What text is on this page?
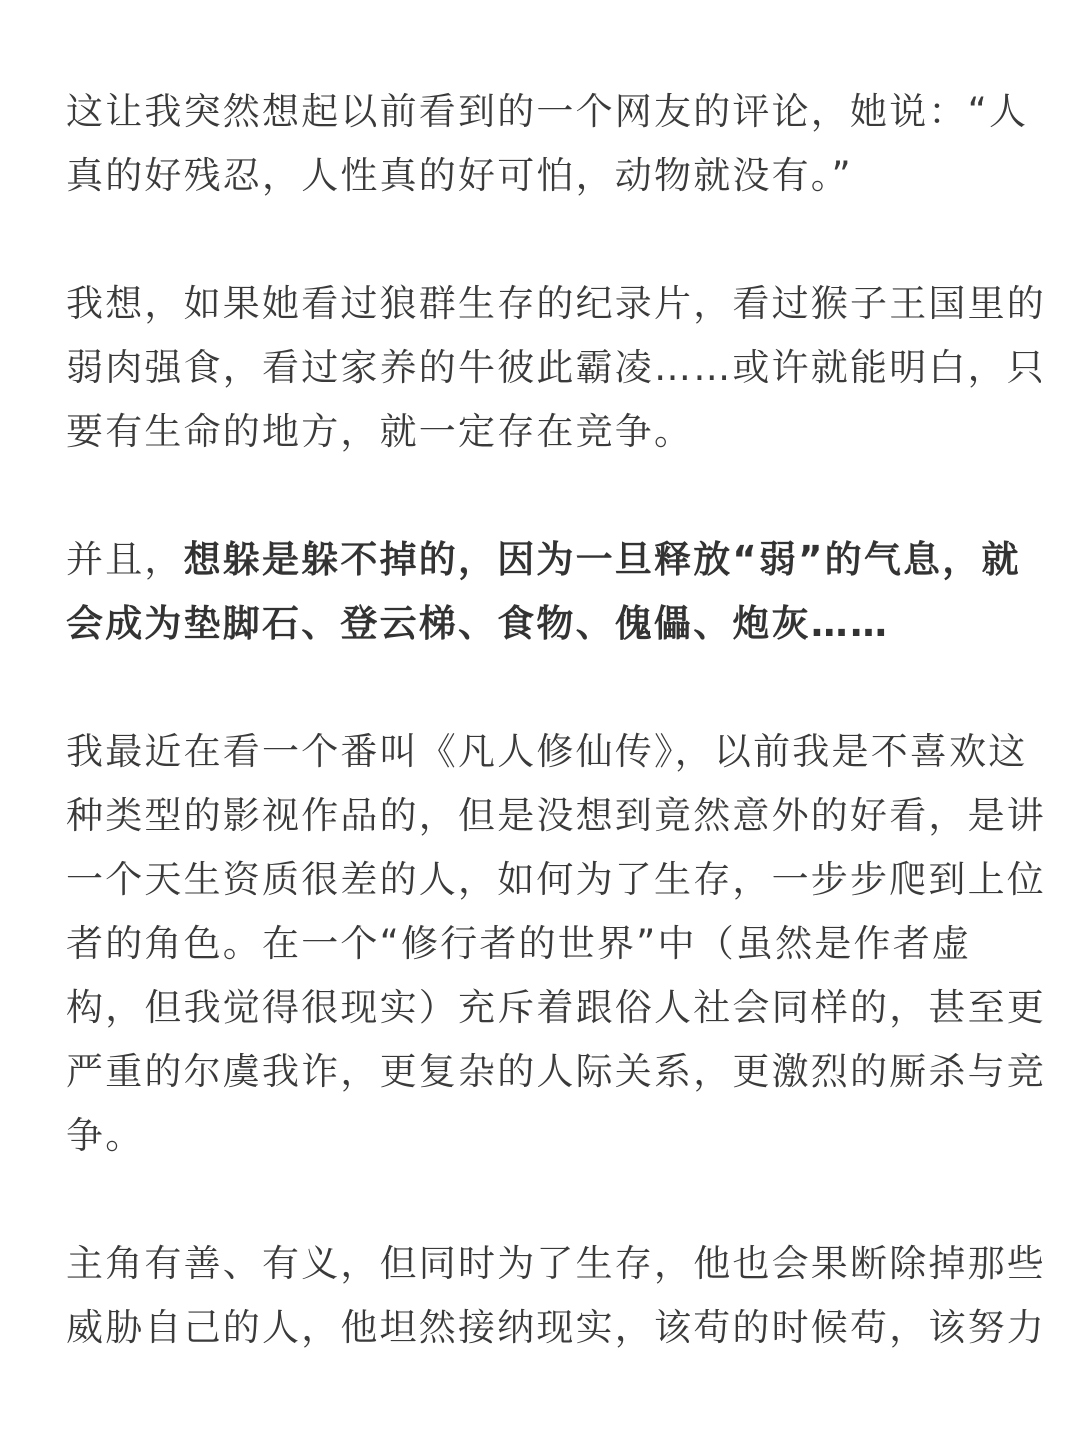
这让我突然想起以前看到的一个网友的评论，她说：“人
真的好残忍，人性真的好可怕，动物就没有。”

我想，如果她看过狼群生存的纪录片，看过猴子王国里的
弱肉强食，看过家养的牛彼此霸凌……或许就能明白，只
要有生命的地方，就一定存在竞争。

并且，想躲是躲不掉的，因为一旦释放“弱”的气息，就
会成为垫脚石、登云梯、食物、傀儡、炮灰……

我最近在看一个番叫《凡人修仙传》，以前我是不喜欢这
种类型的影视作品的，但是没想到竟然意外的好看，是讲
一个天生资质很差的人，如何为了生存，一步步爬到上位
者的角色。在一个“修行者的世界”中（虽然是作者虚
构，但我觉得很现实）充斥着跟俗人社会同样的，甚至更
严重的尔虞我诈，更复杂的人际关系，更激烈的厮杀与竞
争。

主角有善、有义，但同时为了生存，他也会果断除掉那些
威胁自己的人，他坦然接纳现实，该苟的时候苟，该努力
